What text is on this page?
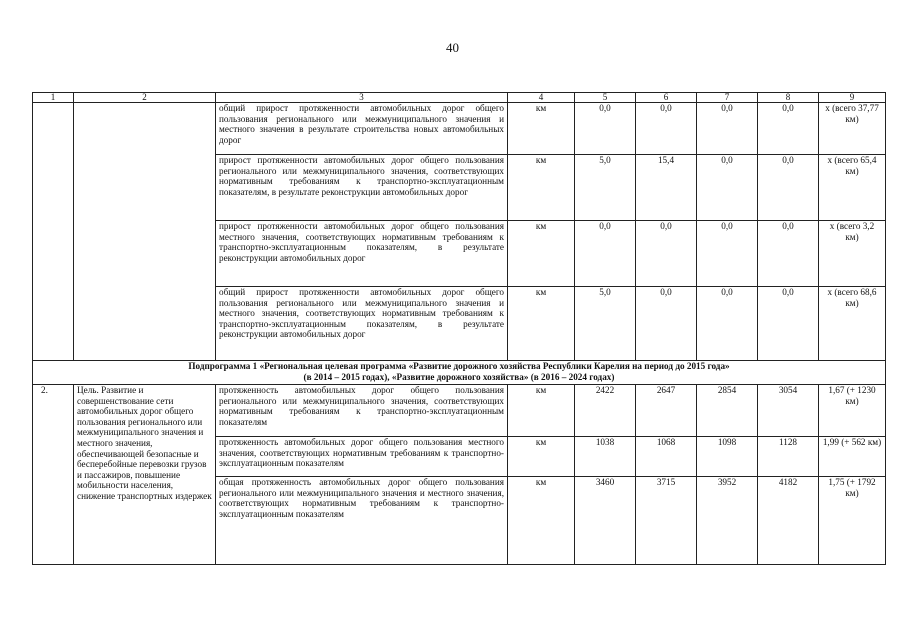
40
1	2	3	4	5	6	7	8	9
		общий прирост протяженности автомобильных дорог общего пользования регионального или межмуниципального значения и местного значения в результате строительства новых автомобильных дорог	км	0,0	0,0	0,0	0,0	х (всего 37,77 км)
		прирост протяженности автомобильных дорог общего пользования регионального или межмуниципального значения, соответствующих нормативным требованиям к транспортно-эксплуатационным показателям, в результате реконструкции автомобильных дорог	км	5,0	15,4	0,0	0,0	х (всего 65,4 км)
		прирост протяженности автомобильных дорог общего пользования местного значения, соответствующих нормативным требованиям к транспортно-эксплуатационным показателям, в результате реконструкции автомобильных дорог	км	0,0	0,0	0,0	0,0	х (всего 3,2 км)
		общий прирост протяженности автомобильных дорог общего пользования регионального или межмуниципального значения и местного значения, соответствующих нормативным требованиям к транспортно-эксплуатационным показателям, в результате реконструкции автомобильных дорог	км	5,0	0,0	0,0	0,0	х (всего 68,6 км)

Подпрограмма 1 «Региональная целевая программа «Развитие дорожного хозяйства Республики Карелия на период до 2015 года»
(в 2014 – 2015 годах), «Развитие дорожного хозяйства» (в 2016 – 2024 годах)								

2.	Цель. Развитие и совершенствование сети автомобильных дорог общего пользования регионального или межмуниципального значения и местного значения, обеспечивающей безопасные и бесперебойные перевозки грузов и пассажиров, повышение мобильности населения, снижение транспортных издержек	протяженность автомобильных дорог общего пользования регионального или межмуниципального значения, соответствующих нормативным требованиям к транспортно-эксплуатационным показателям	км	2422	2647	2854	3054	1,67 (+ 1230 км)
		протяженность автомобильных дорог общего пользования местного значения, соответствующих нормативным требованиям к транспортно-эксплуатационным показателям	км	1038	1068	1098	1128	1,99 (+ 562 км)
		общая протяженность автомобильных дорог общего пользования регионального или межмуниципального значения и местного значения, соответствующих нормативным требованиям к транспортно-эксплуатационным показателям	км	3460	3715	3952	4182	1,75 (+ 1792 км)
